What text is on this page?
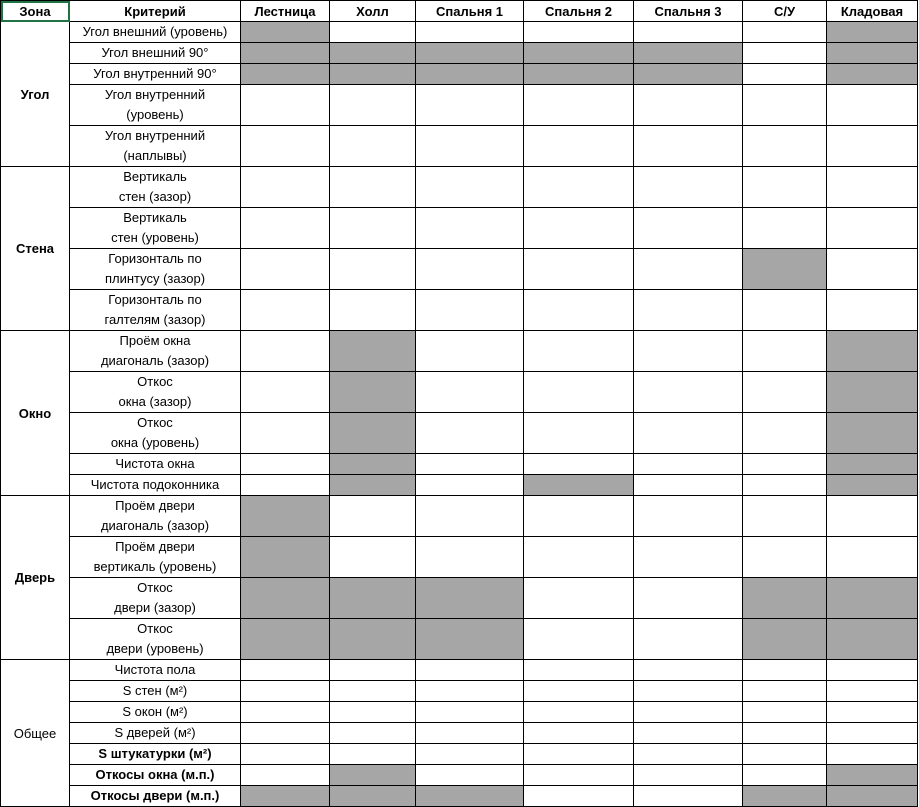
Зона	Критерий	Лестница	Холл	Спальня 1	Спальня 2	Спальня 3	С/У	Кладовая
Угол	Угол внешний (уровень)							
	Угол внешний 90°							
	Угол внутренний 90°							
	Угол внутренний
(уровень)							
	Угол внутренний
(наплывы)							
Стена	Вертикаль
стен (зазор)							
	Вертикаль
стен (уровень)							
	Горизонталь по
плинтусу (зазор)							
	Горизонталь по
галтелям (зазор)							
Окно	Проём окна
диагональ (зазор)							
	Откос
окна (зазор)							
	Откос
окна (уровень)							
	Чистота окна							
	Чистота подоконника							
Дверь	Проём двери
диагональ (зазор)							
	Проём двери
вертикаль (уровень)							
	Откос
двери (зазор)							
	Откос
двери (уровень)							
Общее	Чистота пола							
	S стен (м²)							
	S окон (м²)							
	S дверей (м²)							
	S штукатурки (м²)							
	Откосы окна (м.п.)							
	Откосы двери (м.п.)							
